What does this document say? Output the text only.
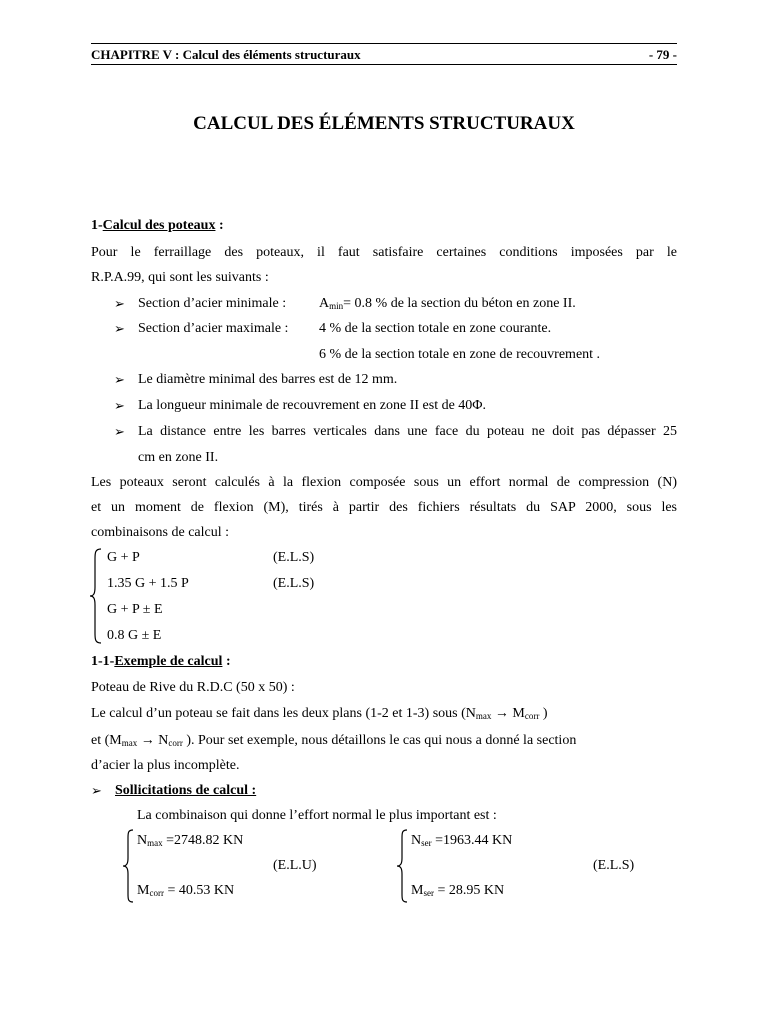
CHAPITRE V : Calcul des éléments structuraux	- 79 -
CALCUL DES ÉLÉMENTS STRUCTURAUX
1-Calcul des poteaux :
Pour le ferraillage des poteaux, il faut satisfaire certaines conditions imposées par le
R.P.A.99, qui sont les suivants :
➢ Section d’acier minimale : $A_{min}= 0.8$ % de la section du béton en zone II.
➢ Section d’acier maximale : 4 % de la section totale en zone courante.
6 % de la section totale en zone de recouvrement .
➢ Le diamètre minimal des barres est de 12 mm.
➢ La longueur minimale de recouvrement en zone II est de 40Φ.
➢ La distance entre les barres verticales dans une face du poteau ne doit pas dépasser 25
cm en zone II.
Les poteaux seront calculés à la flexion composée sous un effort normal de compression (N)
et un moment de flexion (M), tirés à partir des fichiers résultats du SAP 2000, sous les
combinaisons de calcul :
G + P	(E.L.S)
1.35 G + 1.5 P	(E.L.S)
G + P ± E
0.8 G ± E
1-1-Exemple de calcul :
Poteau de Rive du R.D.C (50 x 50) :
Le calcul d’un poteau se fait dans les deux plans (1-2 et 1-3) sous ($N_{max} \to M_{corr}$ )
et ($M_{max} \to N_{corr}$ ). Pour set exemple, nous détaillons le cas qui nous a donné la section
d’acier la plus incomplète.
➢ Sollicitations de calcul :
La combinaison qui donne l’effort normal le plus important est :
$N_{max} =2748.82$ KN
(E.L.U)
$M_{corr} = 40.53$ KN
$N_{ser} =1963.44$ KN
(E.L.S)
$M_{ser} = 28.95$ KN
